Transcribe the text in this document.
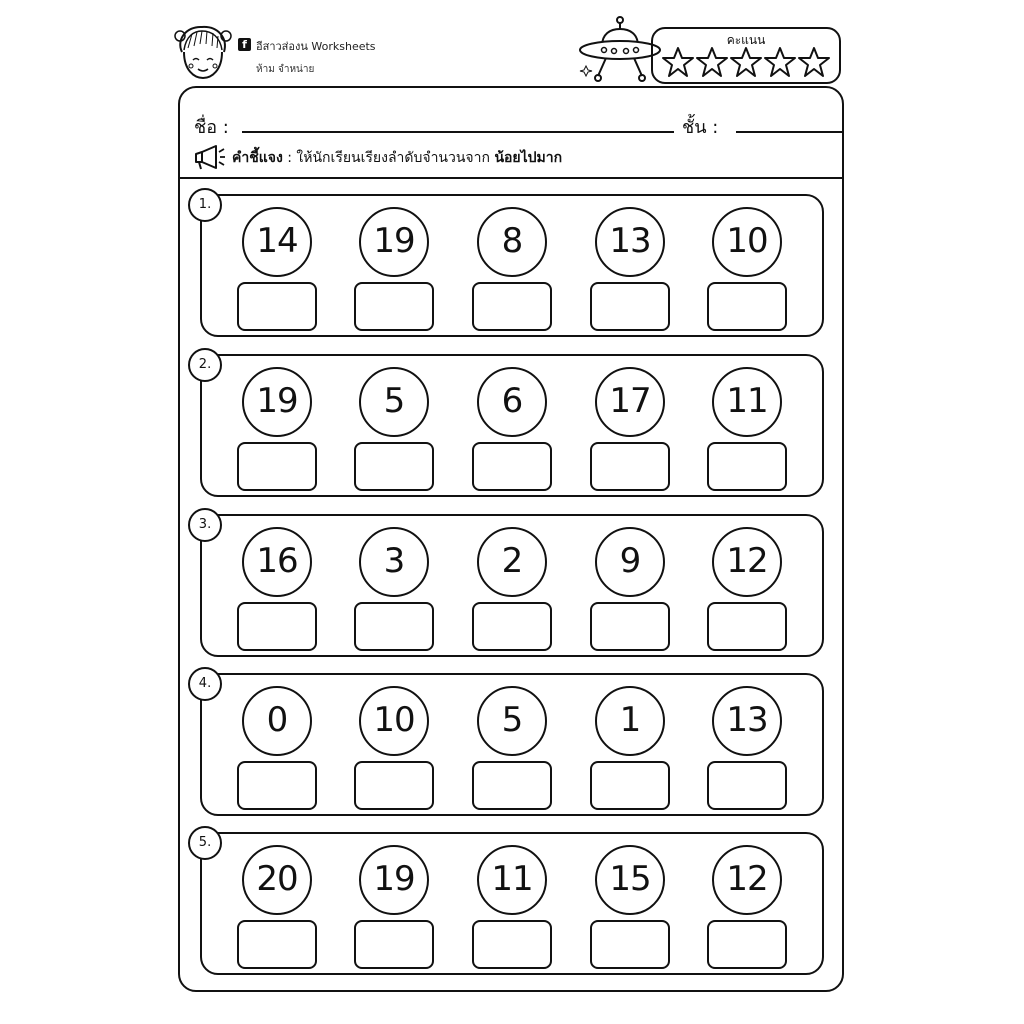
f อีสาวส่องน Worksheets
ห้าม จำหน่าย
คะแนน
ชื่อ :	ชั้น :
คำชี้แจง : ให้นักเรียนเรียงลำดับจำนวนจาก น้อยไปมาก
1.
14	19	8	13	10
2.
19	5	6	17	11
3.
16	3	2	9	12
4.
0	10	5	1	13
5.
20	19	11	15	12
